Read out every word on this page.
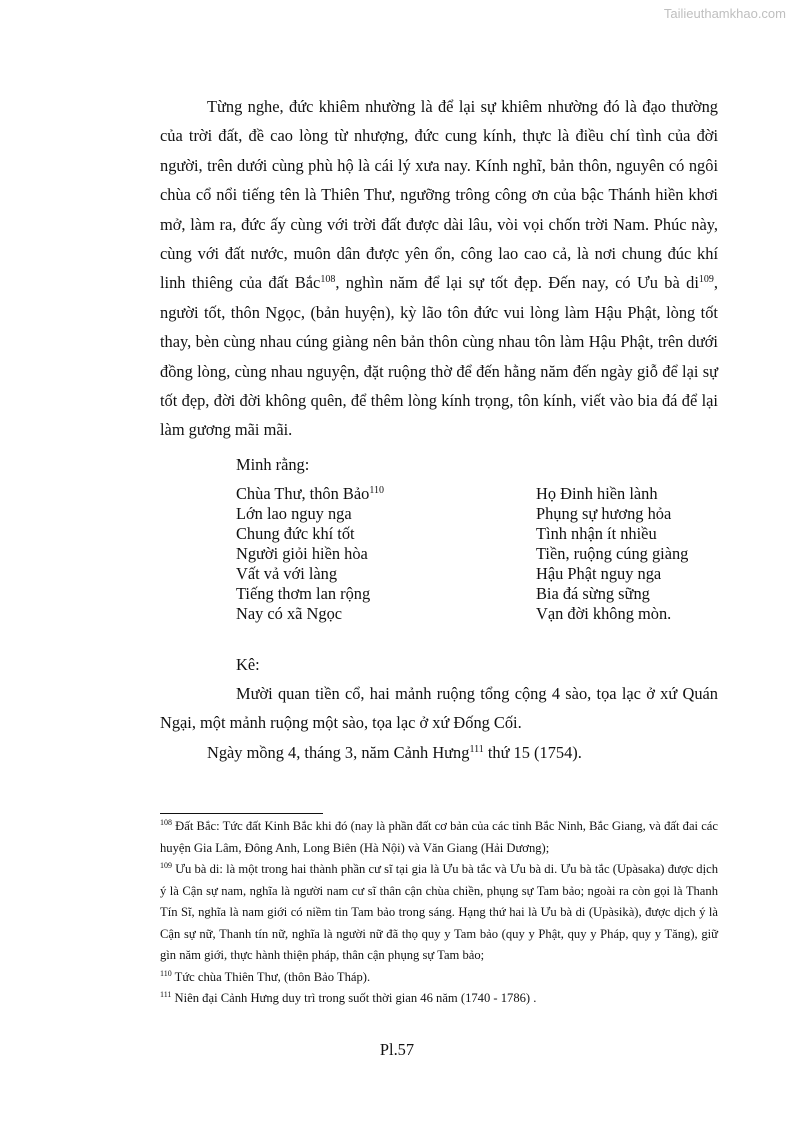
Tailieuthamkhao.com

Từng nghe, đức khiêm nhường là để lại sự khiêm nhường đó là đạo thường của trời đất, đề cao lòng từ nhượng, đức cung kính, thực là điều chí tình của đời người, trên dưới cùng phù hộ là cái lý xưa nay. Kính nghĩ, bản thôn, nguyên có ngôi chùa cổ nổi tiếng tên là Thiên Thư, ngưỡng trông công ơn của bậc Thánh hiền khơi mở, làm ra, đức ấy cùng với trời đất được dài lâu, vòi vọi chốn trời Nam. Phúc này, cùng với đất nước, muôn dân được yên ổn, công lao cao cả, là nơi chung đúc khí linh thiêng của đất Bắc$^{108}$, nghìn năm để lại sự tốt đẹp. Đến nay, có Ưu bà $di^{109}$, người tốt, thôn Ngọc, (bản huyện), kỳ lão tôn đức vui lòng làm Hậu Phật, lòng tốt thay, bèn cùng nhau cúng giàng nên bản thôn cùng nhau tôn làm Hậu Phật, trên dưới đồng lòng, cùng nhau nguyện, đặt ruộng thờ để đến hằng năm đến ngày giỗ để lại sự tốt đẹp, đời đời không quên, để thêm lòng kính trọng, tôn kính, viết vào bia đá để lại làm gương mãi mãi.

Minh rằng:
Chùa Thư, thôn Bảo$^{110}$	Họ Đinh hiền lành
Lớn lao nguy nga	Phụng sự hương hỏa
Chung đức khí tốt	Tình nhận ít nhiều
Người giỏi hiền hòa	Tiền, ruộng cúng giàng
Vất vả với làng	Hậu Phật nguy nga
Tiếng thơm lan rộng	Bia đá sừng sững
Nay có xã Ngọc	Vạn đời không mòn.
Kê:

Mười quan tiền cổ, hai mảnh ruộng tổng cộng 4 sào, tọa lạc ở xứ Quán Ngại, một mảnh ruộng một sào, tọa lạc ở xứ Đống Cối.

Ngày mồng 4, tháng 3, năm Cảnh Hưng$^{111}$ thứ 15 (1754).

$^{108}$ Đất Bắc: Tức đất Kinh Bắc khi đó (nay là phần đất cơ bản của các tỉnh Bắc Ninh, Bắc Giang, và đất đai các huyện Gia Lâm, Đông Anh, Long Biên (Hà Nội) và Văn Giang (Hải Dương);

$^{109}$ Ưu bà di: là một trong hai thành phần cư sĩ tại gia là Ưu bà tắc và Ưu bà di. Ưu bà tắc (Upàsaka) được dịch ý là Cận sự nam, nghĩa là người nam cư sĩ thân cận chùa chiền, phụng sự Tam bảo; ngoài ra còn gọi là Thanh Tín Sĩ, nghĩa là nam giới có niềm tin Tam bảo trong sáng. Hạng thứ hai là Ưu bà di (Upàsikà), được dịch ý là Cận sự nữ, Thanh tín nữ, nghĩa là người nữ đã thọ quy y Tam bảo (quy y Phật, quy y Pháp, quy y Tăng), giữ gìn năm giới, thực hành thiện pháp, thân cận phụng sự Tam bảo;

$^{110}$ Tức chùa Thiên Thư, (thôn Bảo Tháp).

$^{111}$ Niên đại Cảnh Hưng duy trì trong suốt thời gian 46 năm (1740 - 1786) .

Pl.57
